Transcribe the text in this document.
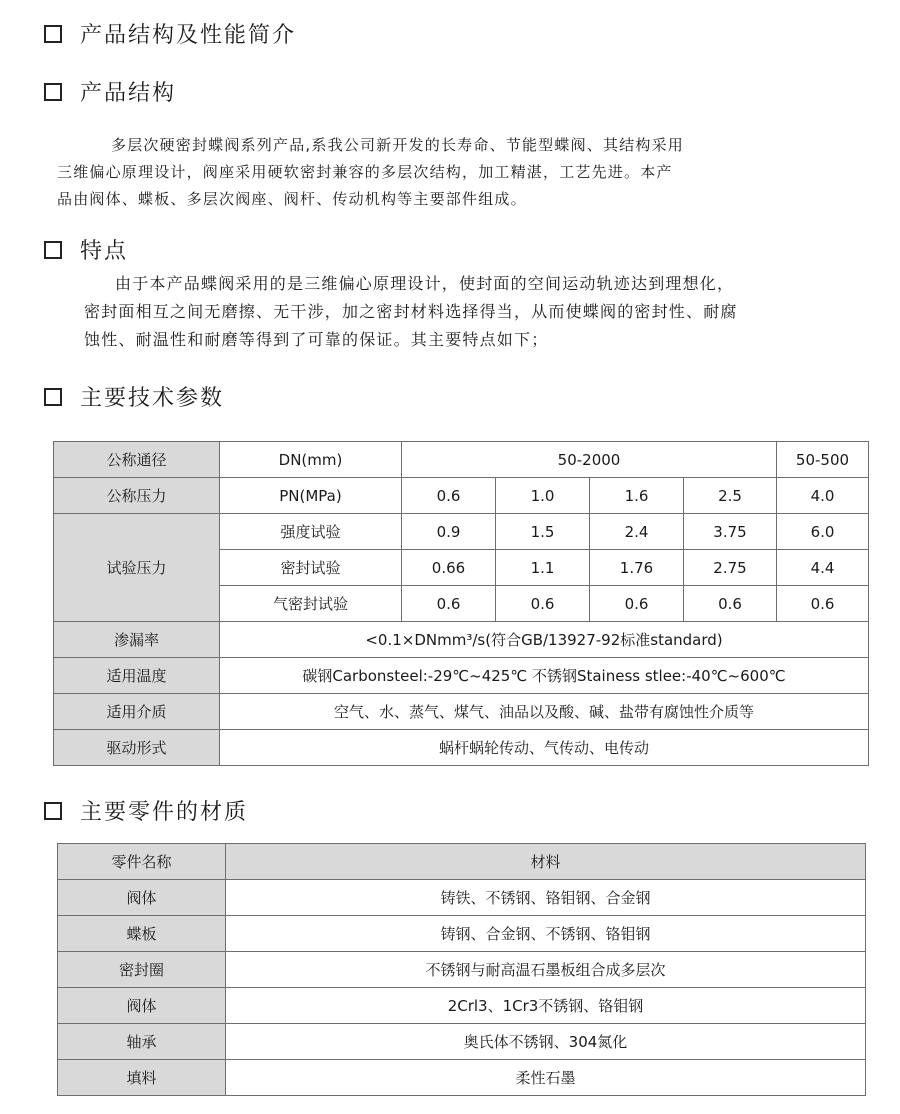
产品结构及性能简介
产品结构

多层次硬密封蝶阀系列产品,系我公司新开发的长寿命、节能型蝶阀、其结构采用

三维偏心原理设计，阀座采用硬软密封兼容的多层次结构，加工精湛，工艺先进。本产

品由阀体、蝶板、多层次阀座、阀杆、传动机构等主要部件组成。

特点

由于本产品蝶阀采用的是三维偏心原理设计，使封面的空间运动轨迹达到理想化，

密封面相互之间无磨擦、无干涉，加之密封材料选择得当，从而使蝶阀的密封性、耐腐

蚀性、耐温性和耐磨等得到了可靠的保证。其主要特点如下；

主要技术参数
公称通径	DN(mm)	50-2000				50-500
公称压力	PN(MPa)	0.6	1.0	1.6	2.5	4.0
试验压力	强度试验	0.9	1.5	2.4	3.75	6.0
	密封试验	0.66	1.1	1.76	2.75	4.4
	气密封试验	0.6	0.6	0.6	0.6	0.6
渗漏率	<0.1×DNmm³/s(符合GB/13927-92标准standard)					
适用温度	碳钢Carbonsteel:-29℃~425℃ 不锈钢Stainess stlee:-40℃~600℃					
适用介质	空气、水、蒸气、煤气、油品以及酸、碱、盐带有腐蚀性介质等					
驱动形式	蜗杆蜗轮传动、气传动、电传动					
主要零件的材质
零件名称	材料
阀体	铸铁、不锈钢、铬钼钢、合金钢
蝶板	铸钢、合金钢、不锈钢、铬钼钢
密封圈	不锈钢与耐高温石墨板组合成多层次
阀体	2Crl3、1Cr3不锈钢、铬钼钢
轴承	奥氏体不锈钢、304氮化
填料	柔性石墨
